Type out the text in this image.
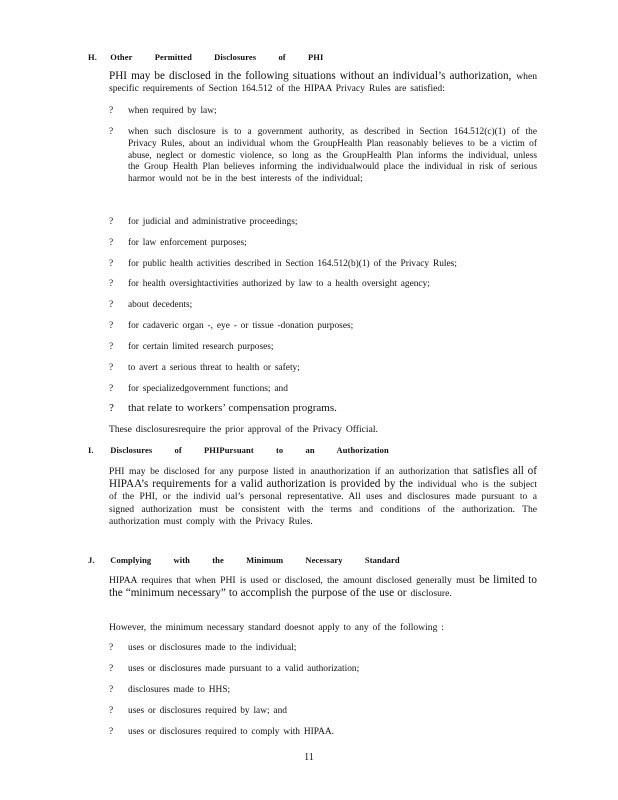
H. Other	Permitted	Disclosures	of	PHI
PHI may be disclosed in the following situations without an individual’s authorization, when specific requirements of Section 164.512 of the HIPAA Privacy Rules are satisfied:
? when required by law;
? when such disclosure is to a government authority, as described in Section 164.512(c)(1) of the Privacy Rules, about an individual whom the GroupHealth Plan reasonably believes to be a victim of abuse, neglect or domestic violence, so long as the GroupHealth Plan informs the individual, unless the Group Health Plan believes informing the individualwould place the individual in risk of serious harmor would not be in the best interests of the individual;
? for judicial and administrative proceedings;
? for law enforcement purposes;
? for public health activities described in Section 164.512(b)(1) of the Privacy Rules;
? for health oversightactivities authorized by law to a health oversight agency;
? about decedents;
? for cadaveric organ -, eye - or tissue -donation purposes;
? for certain limited research purposes;
? to avert a serious threat to health or safety;
? for specializedgovernment functions; and
? that relate to workers’ compensation programs.
These disclosuresrequire the prior approval of the Privacy Official.
I. Disclosures	of	PHIPursuant	to	an	Authorization
PHI may be disclosed for any purpose listed in anauthorization if an authorization that satisfies all of HIPAA’s requirements for a valid authorization is provided by the individual who is the subject of the PHI, or the individ ual’s personal representative. All uses and disclosures made pursuant to a signed authorization must be consistent with the terms and conditions of the authorization. The authorization must comply with the Privacy Rules.
J. Complying	with	the	Minimum	Necessary	Standard
HIPAA requires that when PHI is used or disclosed, the amount disclosed generally must be limited to the “minimum necessary” to accomplish the purpose of the use or disclosure.
However, the minimum necessary standard doesnot apply to any of the following :
? uses or disclosures made to the individual;
? uses or disclosures made pursuant to a valid authorization;
? disclosures made to HHS;
? uses or disclosures required by law; and
? uses or disclosures required to comply with HIPAA.
11
